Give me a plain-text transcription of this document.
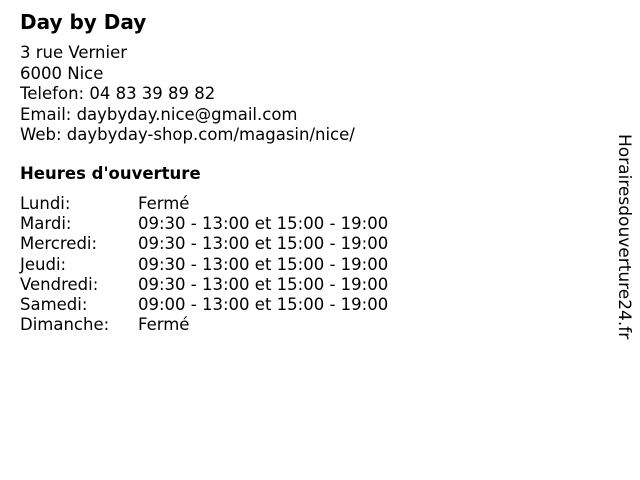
Day by Day
3 rue Vernier
6000 Nice
Telefon: 04 83 39 89 82
Email: daybyday.nice@gmail.com
Web: daybyday-shop.com/magasin/nice/
Heures d'ouverture
Lundi:	Fermé
Mardi:	09:30 - 13:00 et 15:00 - 19:00
Mercredi:	09:30 - 13:00 et 15:00 - 19:00
Jeudi:	09:30 - 13:00 et 15:00 - 19:00
Vendredi:	09:30 - 13:00 et 15:00 - 19:00
Samedi:	09:00 - 13:00 et 15:00 - 19:00
Dimanche:	Fermé	Horairesdouverture24.fr
